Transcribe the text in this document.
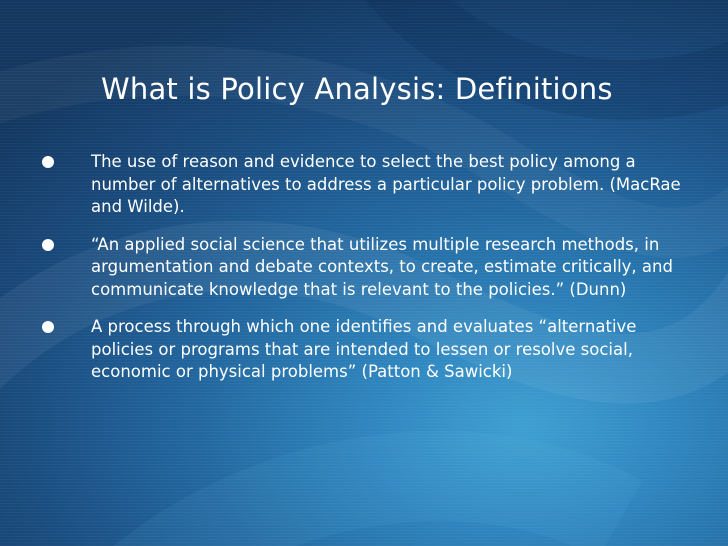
What is Policy Analysis: Definitions
The use of reason and evidence to select the best policy among a number of alternatives to address a particular policy problem. (MacRae and Wilde).
“An applied social science that utilizes multiple research methods, in argumentation and debate contexts, to create, estimate critically, and communicate knowledge that is relevant to the policies.” (Dunn)
A process through which one identifies and evaluates “alternative policies or programs that are intended to lessen or resolve social, economic or physical problems” (Patton & Sawicki)
